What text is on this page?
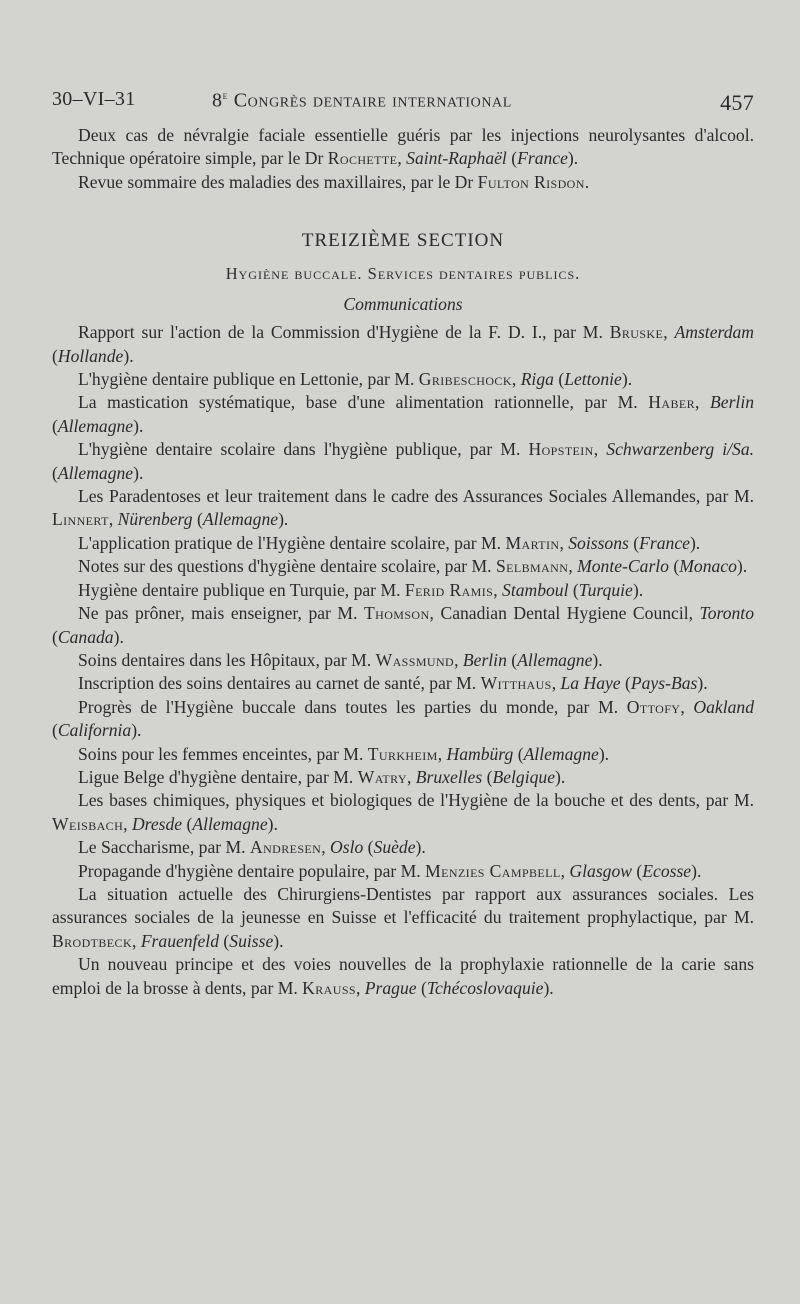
30–VI–31	8e Congrès dentaire international	457

Deux cas de névralgie faciale essentielle guéris par les injections neurolysantes d'alcool. Technique opératoire simple, par le Dr Rochette, Saint-Raphaël (France).

Revue sommaire des maladies des maxillaires, par le Dr Fulton Risdon.

TREIZIÈME SECTION
Hygiène buccale. Services dentaires publics.
Communications

Rapport sur l'action de la Commission d'Hygiène de la F. D. I., par M. Bruske, Amsterdam (Hollande).

L'hygiène dentaire publique en Lettonie, par M. Gribeschock, Riga (Lettonie).

La mastication systématique, base d'une alimentation rationnelle, par M. Haber, Berlin (Allemagne).

L'hygiène dentaire scolaire dans l'hygiène publique, par M. Hopstein, Schwarzenberg i/Sa. (Allemagne).

Les Paradentoses et leur traitement dans le cadre des Assurances Sociales Allemandes, par M. Linnert, Nürenberg (Allemagne).

L'application pratique de l'Hygiène dentaire scolaire, par M. Martin, Soissons (France).

Notes sur des questions d'hygiène dentaire scolaire, par M. Selbmann, Monte-Carlo (Monaco).

Hygiène dentaire publique en Turquie, par M. Ferid Ramis, Stamboul (Turquie).

Ne pas prôner, mais enseigner, par M. Thomson, Canadian Dental Hygiene Council, Toronto (Canada).

Soins dentaires dans les Hôpitaux, par M. Wassmund, Berlin (Allemagne).

Inscription des soins dentaires au carnet de santé, par M. Witthaus, La Haye (Pays-Bas).

Progrès de l'Hygiène buccale dans toutes les parties du monde, par M. Ottofy, Oakland (California).

Soins pour les femmes enceintes, par M. Turkheim, Hambürg (Allemagne).

Ligue Belge d'hygiène dentaire, par M. Watry, Bruxelles (Belgique).

Les bases chimiques, physiques et biologiques de l'Hygiène de la bouche et des dents, par M. Weisbach, Dresde (Allemagne).

Le Saccharisme, par M. Andresen, Oslo (Suède).

Propagande d'hygiène dentaire populaire, par M. Menzies Campbell, Glasgow (Ecosse).

La situation actuelle des Chirurgiens-Dentistes par rapport aux assurances sociales. Les assurances sociales de la jeunesse en Suisse et l'efficacité du traitement prophylactique, par M. Brodtbeck, Frauenfeld (Suisse).

Un nouveau principe et des voies nouvelles de la prophylaxie rationnelle de la carie sans emploi de la brosse à dents, par M. Krauss, Prague (Tchécoslovaquie).
